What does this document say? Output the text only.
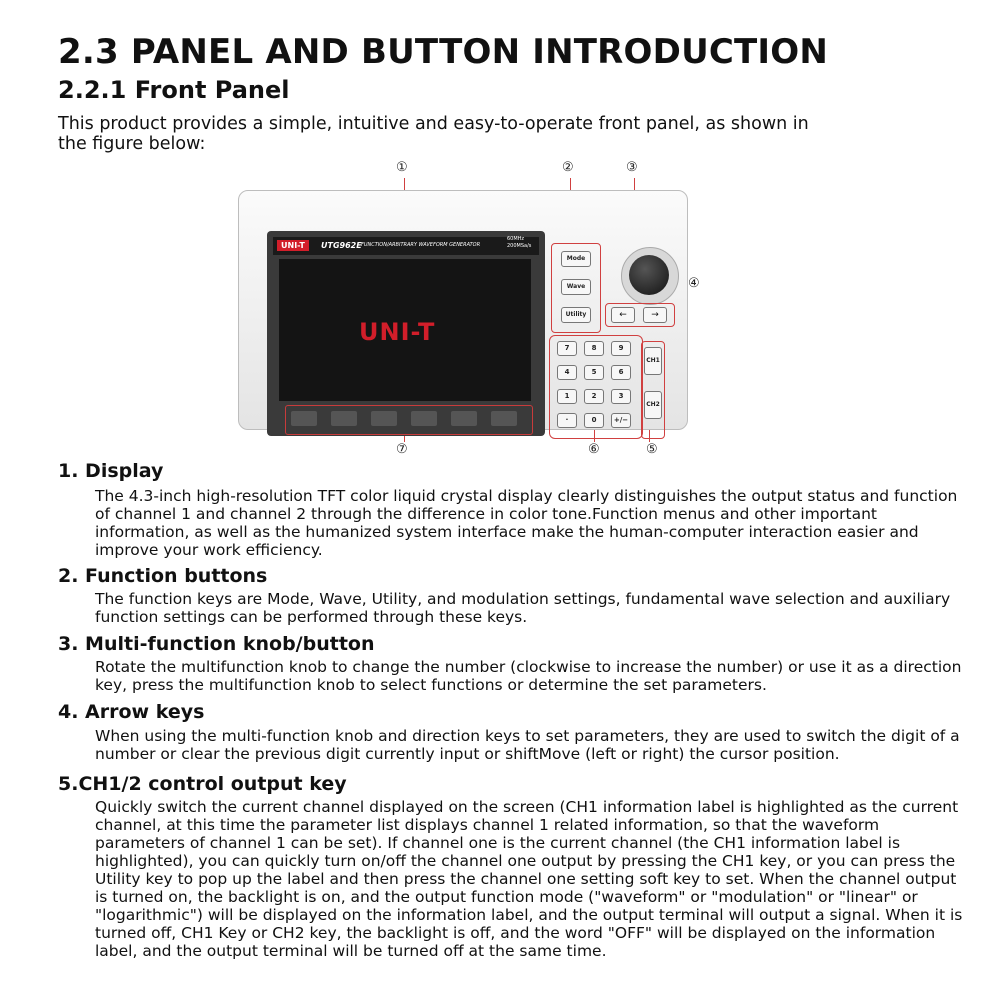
2.3 PANEL AND BUTTON INTRODUCTION
2.2.1 Front Panel
This product provides a simple, intuitive and easy-to-operate front panel, as shown in the figure below:
①	②	③
④
⑤
⑥
⑦
UNI-T	UTG962E FUNCTION/ARBITRARY WAVEFORM GENERATOR
60MHz
200MSa/s
UNI-T
Mode
Wave
Utility	←	→
7	8	9
4	5	6
1	2	3
·	0	+/−
CH1
CH2
1. Display
The 4.3-inch high-resolution TFT color liquid crystal display clearly distinguishes the output status and function of channel 1 and channel 2 through the difference in color tone.Function menus and other important information, as well as the humanized system interface make the human-computer interaction easier and improve your work efficiency.
2. Function buttons
The function keys are Mode, Wave, Utility, and modulation settings, fundamental wave selection and auxiliary function settings can be performed through these keys.
3. Multi-function knob/button
Rotate the multifunction knob to change the number (clockwise to increase the number) or use it as a direction key, press the multifunction knob to select functions or determine the set parameters.
4. Arrow keys
When using the multi-function knob and direction keys to set parameters, they are used to switch the digit of a number or clear the previous digit currently input or shiftMove (left or right) the cursor position.
5.CH1/2 control output key
Quickly switch the current channel displayed on the screen (CH1 information label is highlighted as the current channel, at this time the parameter list displays channel 1 related information, so that the waveform parameters of channel 1 can be set). If channel one is the current channel (the CH1 information label is highlighted), you can quickly turn on/off the channel one output by pressing the CH1 key, or you can press the Utility key to pop up the label and then press the channel one setting soft key to set. When the channel output is turned on, the backlight is on, and the output function mode ("waveform" or "modulation" or "linear" or "logarithmic") will be displayed on the information label, and the output terminal will output a signal. When it is turned off, CH1 Key or CH2 key, the backlight is off, and the word "OFF" will be displayed on the information label, and the output terminal will be turned off at the same time.
